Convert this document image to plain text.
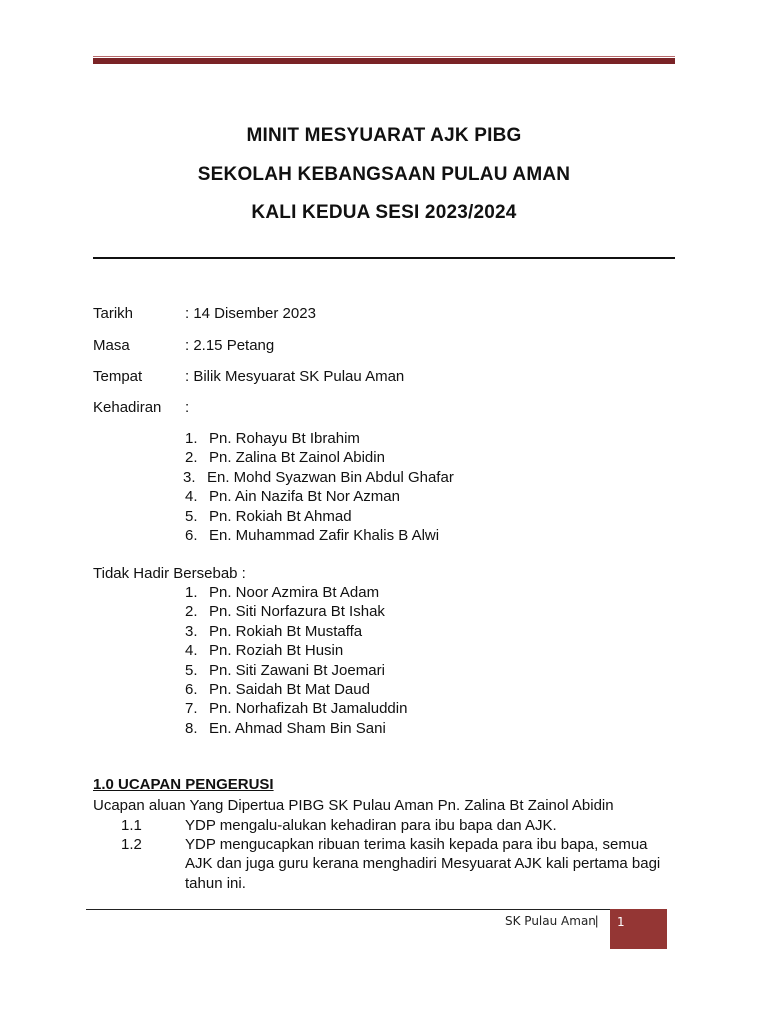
MINIT MESYUARAT AJK PIBG
SEKOLAH KEBANGSAAN PULAU AMAN
KALI KEDUA SESI 2023/2024
Tarikh	: 14 Disember 2023
Masa	: 2.15 Petang
Tempat	: Bilik Mesyuarat SK Pulau Aman
Kehadiran :
1. Pn. Rohayu Bt Ibrahim
2. Pn. Zalina Bt Zainol Abidin
3. En. Mohd Syazwan Bin Abdul Ghafar
4. Pn. Ain Nazifa Bt Nor Azman
5. Pn. Rokiah Bt Ahmad
6. En. Muhammad Zafir Khalis B Alwi
Tidak Hadir Bersebab :
1. Pn. Noor Azmira Bt Adam
2. Pn. Siti Norfazura Bt Ishak
3. Pn. Rokiah Bt Mustaffa
4. Pn. Roziah Bt Husin
5. Pn. Siti Zawani Bt Joemari
6. Pn. Saidah Bt Mat Daud
7. Pn. Norhafizah Bt Jamaluddin
8. En. Ahmad Sham Bin Sani
1.0 UCAPAN PENGERUSI
Ucapan aluan Yang Dipertua PIBG SK Pulau Aman Pn. Zalina Bt Zainol Abidin
1.1	YDP mengalu-alukan kehadiran para ibu bapa dan AJK.
1.2	YDP mengucapkan ribuan terima kasih kepada para ibu bapa, semua AJK dan juga guru kerana menghadiri Mesyuarat AJK kali pertama bagi tahun ini.
SK Pulau Aman | 1
